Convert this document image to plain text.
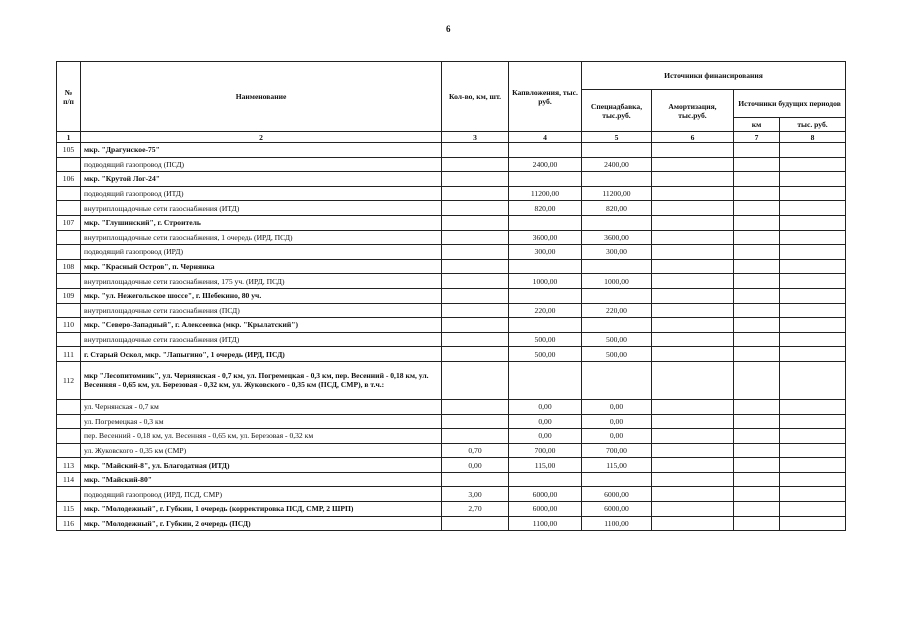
6
№
п/п	Наименование	Кол-во, км, шт.	Капвложения, тыс. руб.	Источники финансирования			
				Спецнадбавка, тыс.руб.	Амортизация, тыс.руб.	Источники будущих периодов	
						км	тыс. руб.
1	2	3	4	5	6	7	8
105	мкр. "Драгунское-75"						
	подводящий газопровод (ПСД)		2400,00	2400,00			
106	мкр. "Крутой Лог-24"						
	подводящий газопровод (ИТД)		11200,00	11200,00			
	внутриплощадочные сети газоснабжения (ИТД)		820,00	820,00			
107	мкр. "Глушинский", г. Строитель						
	внутриплощадочные сети газоснабжения, 1 очередь (ИРД, ПСД)		3600,00	3600,00			
	подводящий газопровод (ИРД)		300,00	300,00			
108	мкр. "Красный Остров", п. Чернянка						
	внутриплощадочные сети газоснабжения, 175 уч. (ИРД, ПСД)		1000,00	1000,00			
109	мкр. "ул. Нежегольское шоссе", г. Шебекино, 80 уч.						
	внутриплощадочные сети газоснабжения (ПСД)		220,00	220,00			
110	мкр. "Северо-Западный", г. Алексеевка (мкр. "Крылатский")						
	внутриплощадочные сети газоснабжения (ИТД)		500,00	500,00			
111	г. Старый Оскол, мкр. "Лапыгино", 1 очередь (ИРД, ПСД)		500,00	500,00			
112	мкр "Лесопитомник", ул. Чернянская - 0,7 км, ул. Погремецкая - 0,3 км, пер. Весенний - 0,18 км, ул. Весенняя - 0,65 км, ул. Березовая - 0,32 км, ул. Жуковского - 0,35 км (ПСД, СМР), в т.ч.:						
	ул. Чернянская - 0,7 км		0,00	0,00			
	ул. Погремецкая - 0,3 км		0,00	0,00			
	пер. Весенний - 0,18 км, ул. Весенняя - 0,65 км, ул. Березовая - 0,32 км		0,00	0,00			
	ул. Жуковского - 0,35 км (СМР)	0,70	700,00	700,00			
113	мкр. "Майский-8", ул. Благодатная (ИТД)	0,00	115,00	115,00			
114	мкр. "Майский-80"						
	подводящий газопровод (ИРД, ПСД, СМР)	3,00	6000,00	6000,00			
115	мкр. "Молодежный", г. Губкин, 1 очередь (корректировка ПСД, СМР, 2 ШРП)	2,70	6000,00	6000,00			
116	мкр. "Молодежный", г. Губкин, 2 очередь (ПСД)		1100,00	1100,00			
